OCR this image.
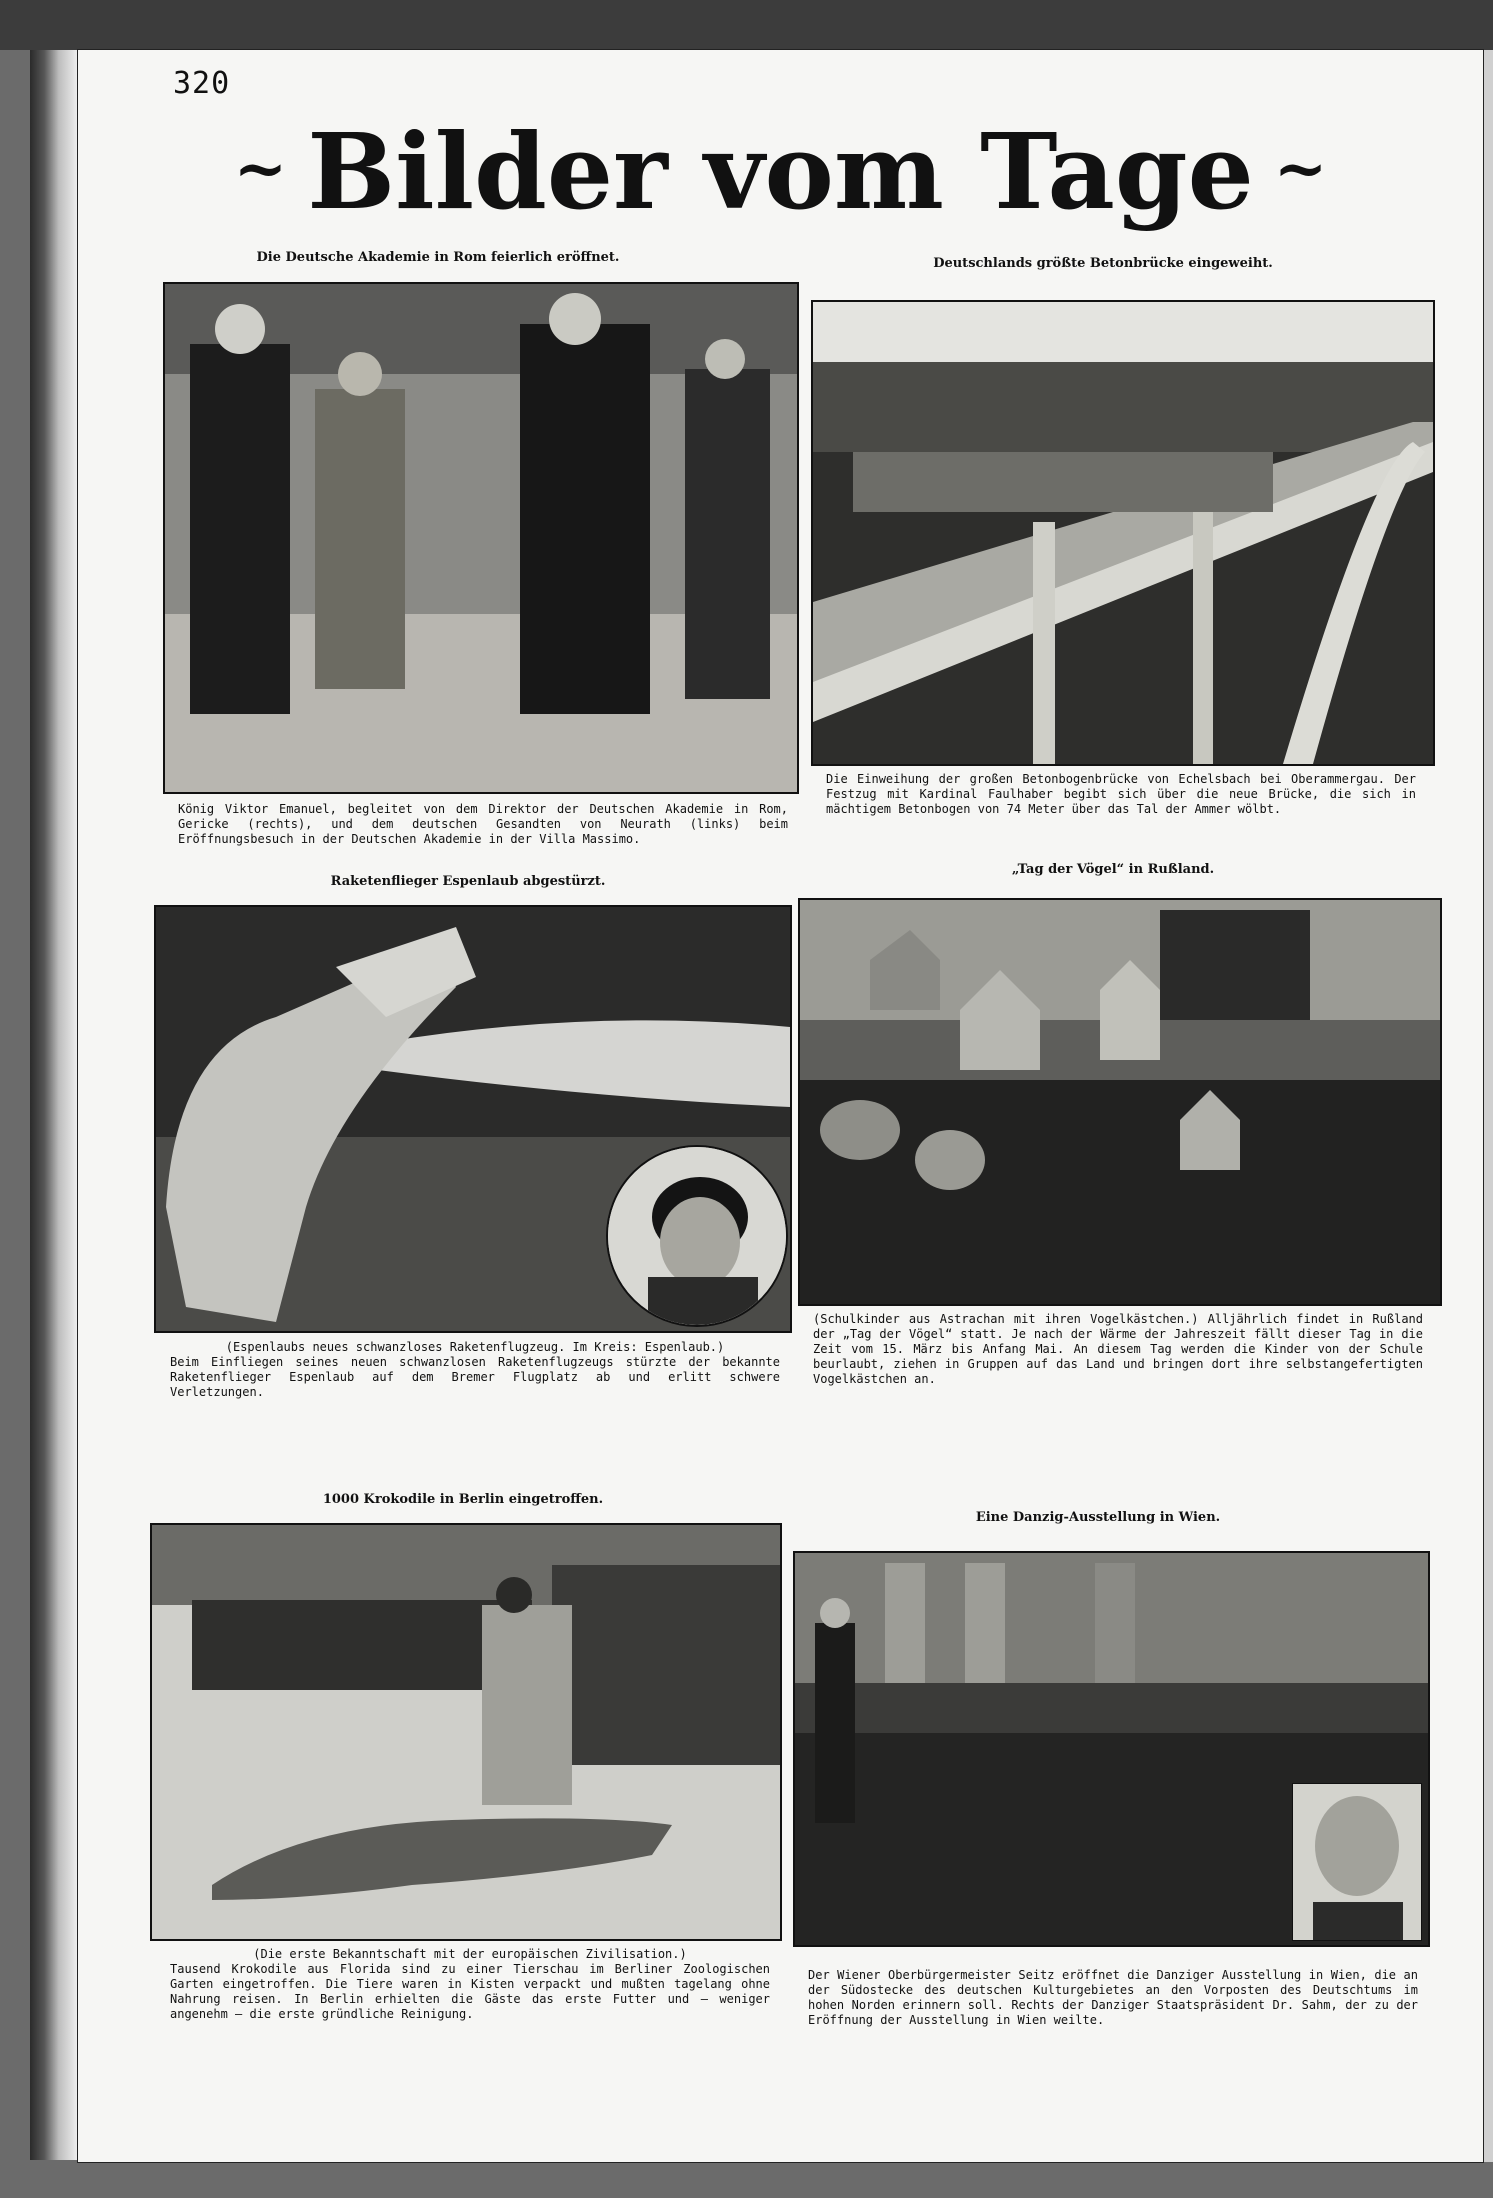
320
~ Bilder vom Tage ~
Die Deutsche Akademie in Rom feierlich eröffnet.
König Viktor Emanuel, begleitet von dem Direktor der Deutschen Akademie in Rom, Gericke (rechts), und dem deutschen Gesandten von Neurath (links) beim Eröffnungsbesuch in der Deutschen Akademie in der Villa Massimo.
Deutschlands größte Betonbrücke eingeweiht.
Die Einweihung der großen Betonbogenbrücke von Echelsbach bei Oberammergau. Der Festzug mit Kardinal Faulhaber begibt sich über die neue Brücke, die sich in mächtigem Betonbogen von 74 Meter über das Tal der Ammer wölbt.
Raketenflieger Espenlaub abgestürzt.
(Espenlaubs neues schwanzloses Raketenflugzeug. Im Kreis: Espenlaub.)
Beim Einfliegen seines neuen schwanzlosen Raketenflugzeugs stürzte der bekannte Raketenflieger Espenlaub auf dem Bremer Flugplatz ab und erlitt schwere Verletzungen.
„Tag der Vögel“ in Rußland.
(Schulkinder aus Astrachan mit ihren Vogelkästchen.) Alljährlich findet in Rußland der „Tag der Vögel“ statt. Je nach der Wärme der Jahreszeit fällt dieser Tag in die Zeit vom 15. März bis Anfang Mai. An diesem Tag werden die Kinder von der Schule beurlaubt, ziehen in Gruppen auf das Land und bringen dort ihre selbstangefertigten Vogelkästchen an.
1000 Krokodile in Berlin eingetroffen.
(Die erste Bekanntschaft mit der europäischen Zivilisation.)
Tausend Krokodile aus Florida sind zu einer Tierschau im Berliner Zoologischen Garten eingetroffen. Die Tiere waren in Kisten verpackt und mußten tagelang ohne Nahrung reisen. In Berlin erhielten die Gäste das erste Futter und — weniger angenehm — die erste gründliche Reinigung.
Eine Danzig-Ausstellung in Wien.
Der Wiener Oberbürgermeister Seitz eröffnet die Danziger Ausstellung in Wien, die an der Südostecke des deutschen Kulturgebietes an den Vorposten des Deutschtums im hohen Norden erinnern soll. Rechts der Danziger Staatspräsident Dr. Sahm, der zu der Eröffnung der Ausstellung in Wien weilte.
